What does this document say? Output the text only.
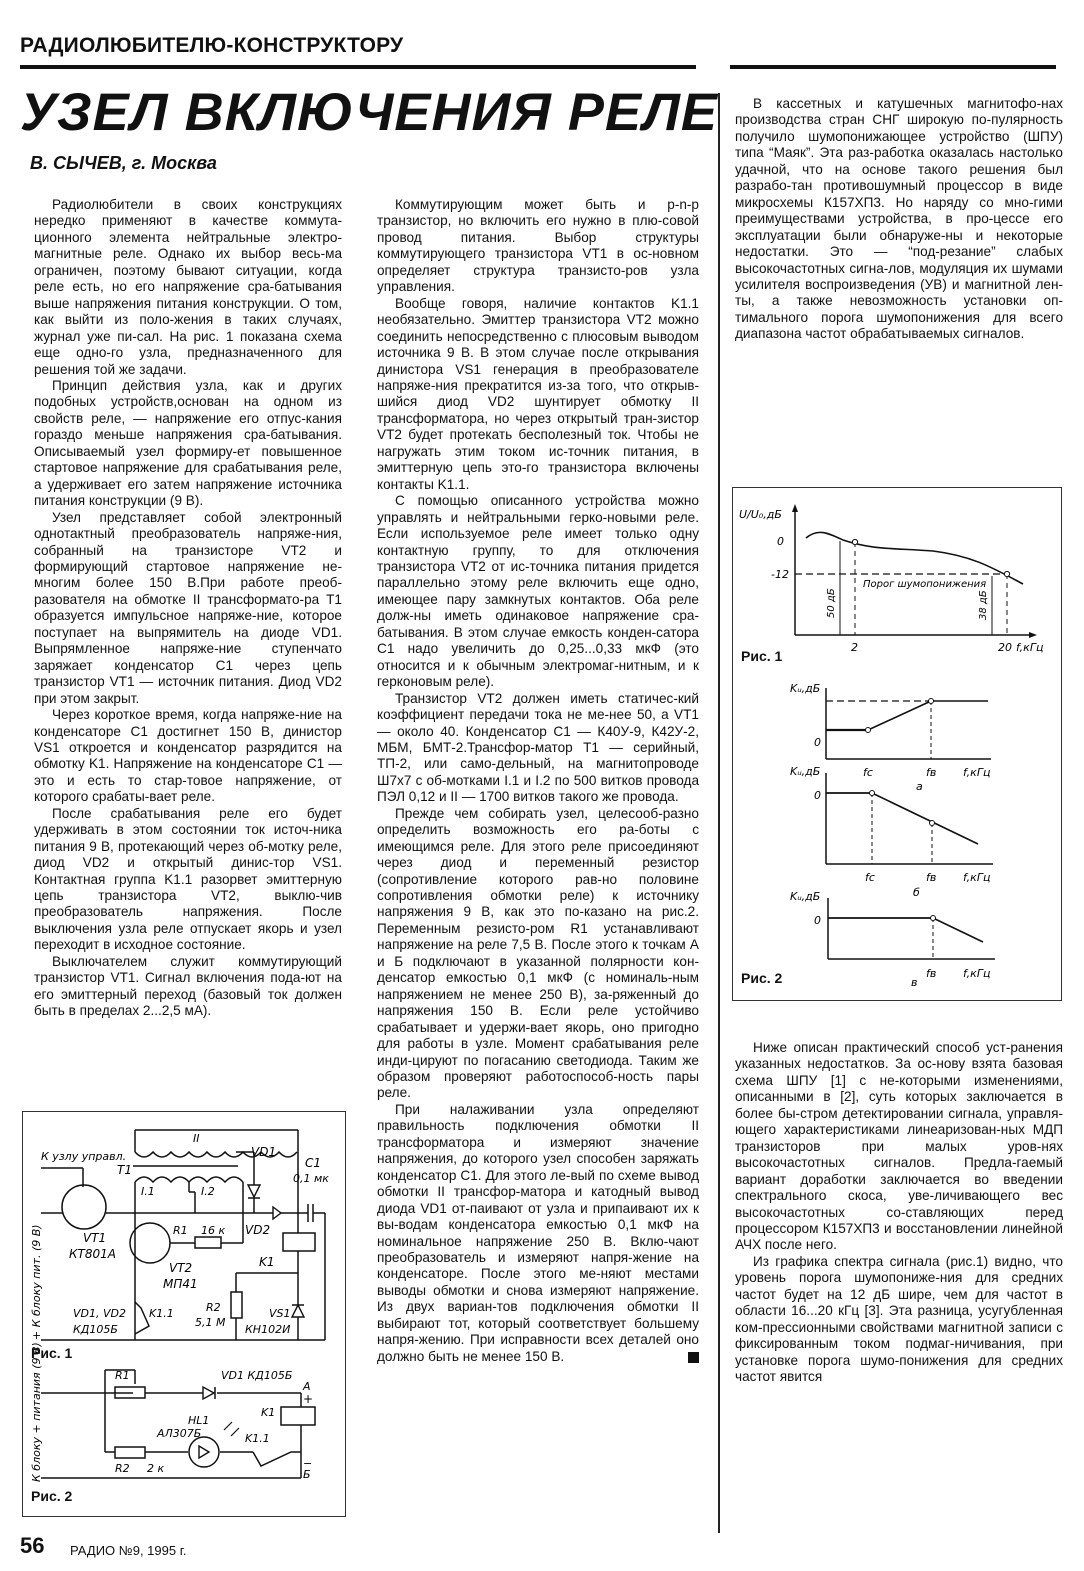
РАДИОЛЮБИТЕЛЮ-КОНСТРУКТОРУ
УЗЕЛ ВКЛЮЧЕНИЯ РЕЛЕ
В. СЫЧЕВ, г. Москва

Радиолюбители в своих конструкциях нередко применяют в качестве коммута-ционного элемента нейтральные электро-магнитные реле. Однако их выбор весь-ма ограничен, поэтому бывают ситуации, когда реле есть, но его напряжение сра-батывания выше напряжения питания конструкции. О том, как выйти из поло-жения в таких случаях, журнал уже пи-сал. На рис. 1 показана схема еще одно-го узла, предназначенного для решения той же задачи.

Принцип действия узла, как и других подобных устройств,основан на одном из свойств реле, — напряжение его отпус-кания гораздо меньше напряжения сра-батывания. Описываемый узел формиру-ет повышенное стартовое напряжение для срабатывания реле, а удерживает его затем напряжение источника питания конструкции (9 В).

Узел представляет собой электронный однотактный преобразователь напряже-ния, собранный на транзисторе VT2 и формирующий стартовое напряжение не-многим более 150 В.При работе преоб-разователя на обмотке II трансформато-ра T1 образуется импульсное напряже-ние, которое поступает на выпрямитель на диоде VD1. Выпрямленное напряже-ние ступенчато заряжает конденсатор C1 через цепь транзистор VT1 — источник питания. Диод VD2 при этом закрыт.

Через короткое время, когда напряже-ние на конденсаторе C1 достигнет 150 В, динистор VS1 откроется и конденсатор разрядится на обмотку K1. Напряжение на конденсаторе C1 — это и есть то стар-товое напряжение, от которого срабаты-вает реле.

После срабатывания реле его будет удерживать в этом состоянии ток источ-ника питания 9 В, протекающий через об-мотку реле, диод VD2 и открытый динис-тор VS1. Контактная группа K1.1 разорвет эмиттерную цепь транзистора VT2, выклю-чив преобразователь напряжения. После выключения узла реле отпускает якорь и узел переходит в исходное состояние.

Выключателем служит коммутирующий транзистор VT1. Сигнал включения пода-ют на его эмиттерный переход (базовый ток должен быть в пределах 2...2,5 мА).

Коммутирующим может быть и p-n-p транзистор, но включить его нужно в плю-совой провод питания. Выбор структуры коммутирующего транзистора VT1 в ос-новном определяет структура транзисто-ров узла управления.

Вообще говоря, наличие контактов K1.1 необязательно. Эмиттер транзистора VT2 можно соединить непосредственно с плюсовым выводом источника 9 В. В этом случае после открывания динистора VS1 генерация в преобразователе напряже-ния прекратится из-за того, что открыв-шийся диод VD2 шунтирует обмотку II трансформатора, но через открытый тран-зистор VT2 будет протекать бесполезный ток. Чтобы не нагружать этим током ис-точник питания, в эмиттерную цепь это-го транзистора включены контакты K1.1.

С помощью описанного устройства можно управлять и нейтральными герко-новыми реле. Если используемое реле имеет только одну контактную группу, то для отключения транзистора VT2 от ис-точника питания придется параллельно этому реле включить еще одно, имеющее пару замкнутых контактов. Оба реле долж-ны иметь одинаковое напряжение сра-батывания. В этом случае емкость конден-сатора C1 надо увеличить до 0,25...0,33 мкФ (это относится и к обычным электромаг-нитным, и к герконовым реле).

Транзистор VT2 должен иметь статичес-кий коэффициент передачи тока не ме-нее 50, а VT1 — около 40. Конденсатор C1 — К40У-9, К42У-2, МБМ, БМТ-2.Трансфор-матор T1 — серийный, ТП-2, или само-дельный, на магнитопроводе Ш7х7 с об-мотками I.1 и I.2 по 500 витков провода ПЭЛ 0,12 и II — 1700 витков такого же провода.

Прежде чем собирать узел, целесооб-разно определить возможность его ра-боты с имеющимся реле. Для этого реле присоединяют через диод и переменный резистор (сопротивление которого рав-но половине сопротивления обмотки реле) к источнику напряжения 9 В, как это по-казано на рис.2. Переменным резисто-ром R1 устанавливают напряжение на реле 7,5 В. После этого к точкам А и Б подключают в указанной полярности кон-денсатор емкостью 0,1 мкФ (с номиналь-ным напряжением не менее 250 В), за-ряженный до напряжения 150 В. Если реле устойчиво срабатывает и удержи-вает якорь, оно пригодно для работы в узле. Момент срабатывания реле инди-цируют по погасанию светодиода. Таким же образом проверяют работоспособ-ность пары реле.

При налаживании узла определяют правильность подключения обмотки II трансформатора и измеряют значение напряжения, до которого узел способен заряжать конденсатор C1. Для этого ле-вый по схеме вывод обмотки II трансфор-матора и катодный вывод диода VD1 от-паивают от узла и припаивают их к вы-водам конденсатора емкостью 0,1 мкФ на номинальное напряжение 250 В. Вклю-чают преобразователь и измеряют напря-жение на конденсаторе. После этого ме-няют местами выводы обмотки и снова измеряют напряжение. Из двух вариан-тов подключения обмотки II выбирают тот, который соответствует большему напря-жению. При исправности всех деталей оно должно быть не менее 150 В.

В кассетных и катушечных магнитофо-нах производства стран СНГ широкую по-пулярность получило шумопонижающее устройство (ШПУ) типа “Маяк”. Эта раз-работка оказалась настолько удачной, что на основе такого решения был разрабо-тан противошумный процессор в виде микросхемы К157ХП3. Но наряду со мно-гими преимуществами устройства, в про-цессе его эксплуатации были обнаруже-ны и некоторые недостатки. Это — “под-резание” слабых высокочастотных сигна-лов, модуляция их шумами усилителя воспроизведения (УВ) и магнитной лен-ты, а также невозможность установки оп-тимального порога шумопонижения для всего диапазона частот обрабатываемых сигналов.

U/U₀,дБ
0
-12
Порог шумопонижения
50 дБ	38 дБ
2	20 f,кГц
Рис. 1
Kᵤ,дБ
0
fс	fв f,кГц
а
Kᵤ,дБ
0
fс	fв f,кГц
б
Kᵤ,дБ
0
fв f,кГц
в
Рис. 2

Ниже описан практический способ уст-ранения указанных недостатков. За ос-нову взята базовая схема ШПУ [1] с не-которыми изменениями, описанными в [2], суть которых заключается в более бы-стром детектировании сигнала, управля-ющего характеристиками линеаризован-ных МДП транзисторов при малых уров-нях высокочастотных сигналов. Предла-гаемый вариант доработки заключается во введении спектрального скоса, уве-личивающего вес высокочастотных со-ставляющих перед процессором К157ХП3 и восстановлении линейной АЧХ после него.

Из графика спектра сигнала (рис.1) видно, что уровень порога шумопониже-ния для средних частот будет на 12 дБ шире, чем для частот в области 16...20 кГц [3]. Эта разница, усугубленная ком-прессионными свойствами магнитной записи с фиксированным током подмаг-ничивания, при установке порога шумо-понижения для средних частот явится

К узлу управл.
II
VD1
C1
0,1 мк
T1
I.1	I.2
VT1
КТ801А
R1 16 к VD2
K1
VT2
МП41
VD1, VD2
КД105Б
K1.1	R2
5,1 М
VS1
КН102И
+ К блоку пит. (9 В)
R1	VD1 КД105Б
А
+
K1
HL1
АЛ307Б	K1.1
R2 2 к	−
Б
К блоку + питания (9 В)
Рис. 1
Рис. 2
56 РАДИО №9, 1995 г.
